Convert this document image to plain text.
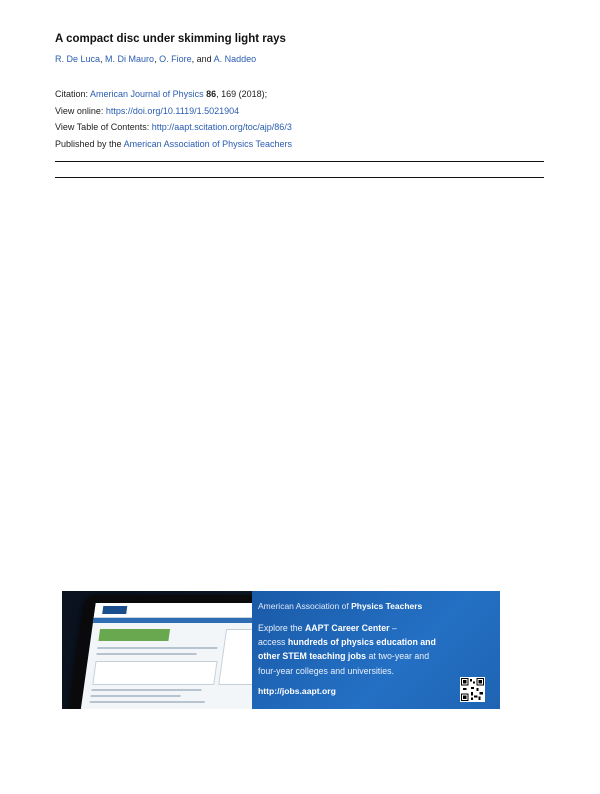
A compact disc under skimming light rays
R. De Luca, M. Di Mauro, O. Fiore, and A. Naddeo
Citation: American Journal of Physics 86, 169 (2018);
View online: https://doi.org/10.1119/1.5021904
View Table of Contents: http://aapt.scitation.org/toc/ajp/86/3
Published by the American Association of Physics Teachers
American Association of Physics Teachers
Explore the AAPT Career Center –
access hundreds of physics education and
other STEM teaching jobs at two-year and
four-year colleges and universities.
http://jobs.aapt.org
